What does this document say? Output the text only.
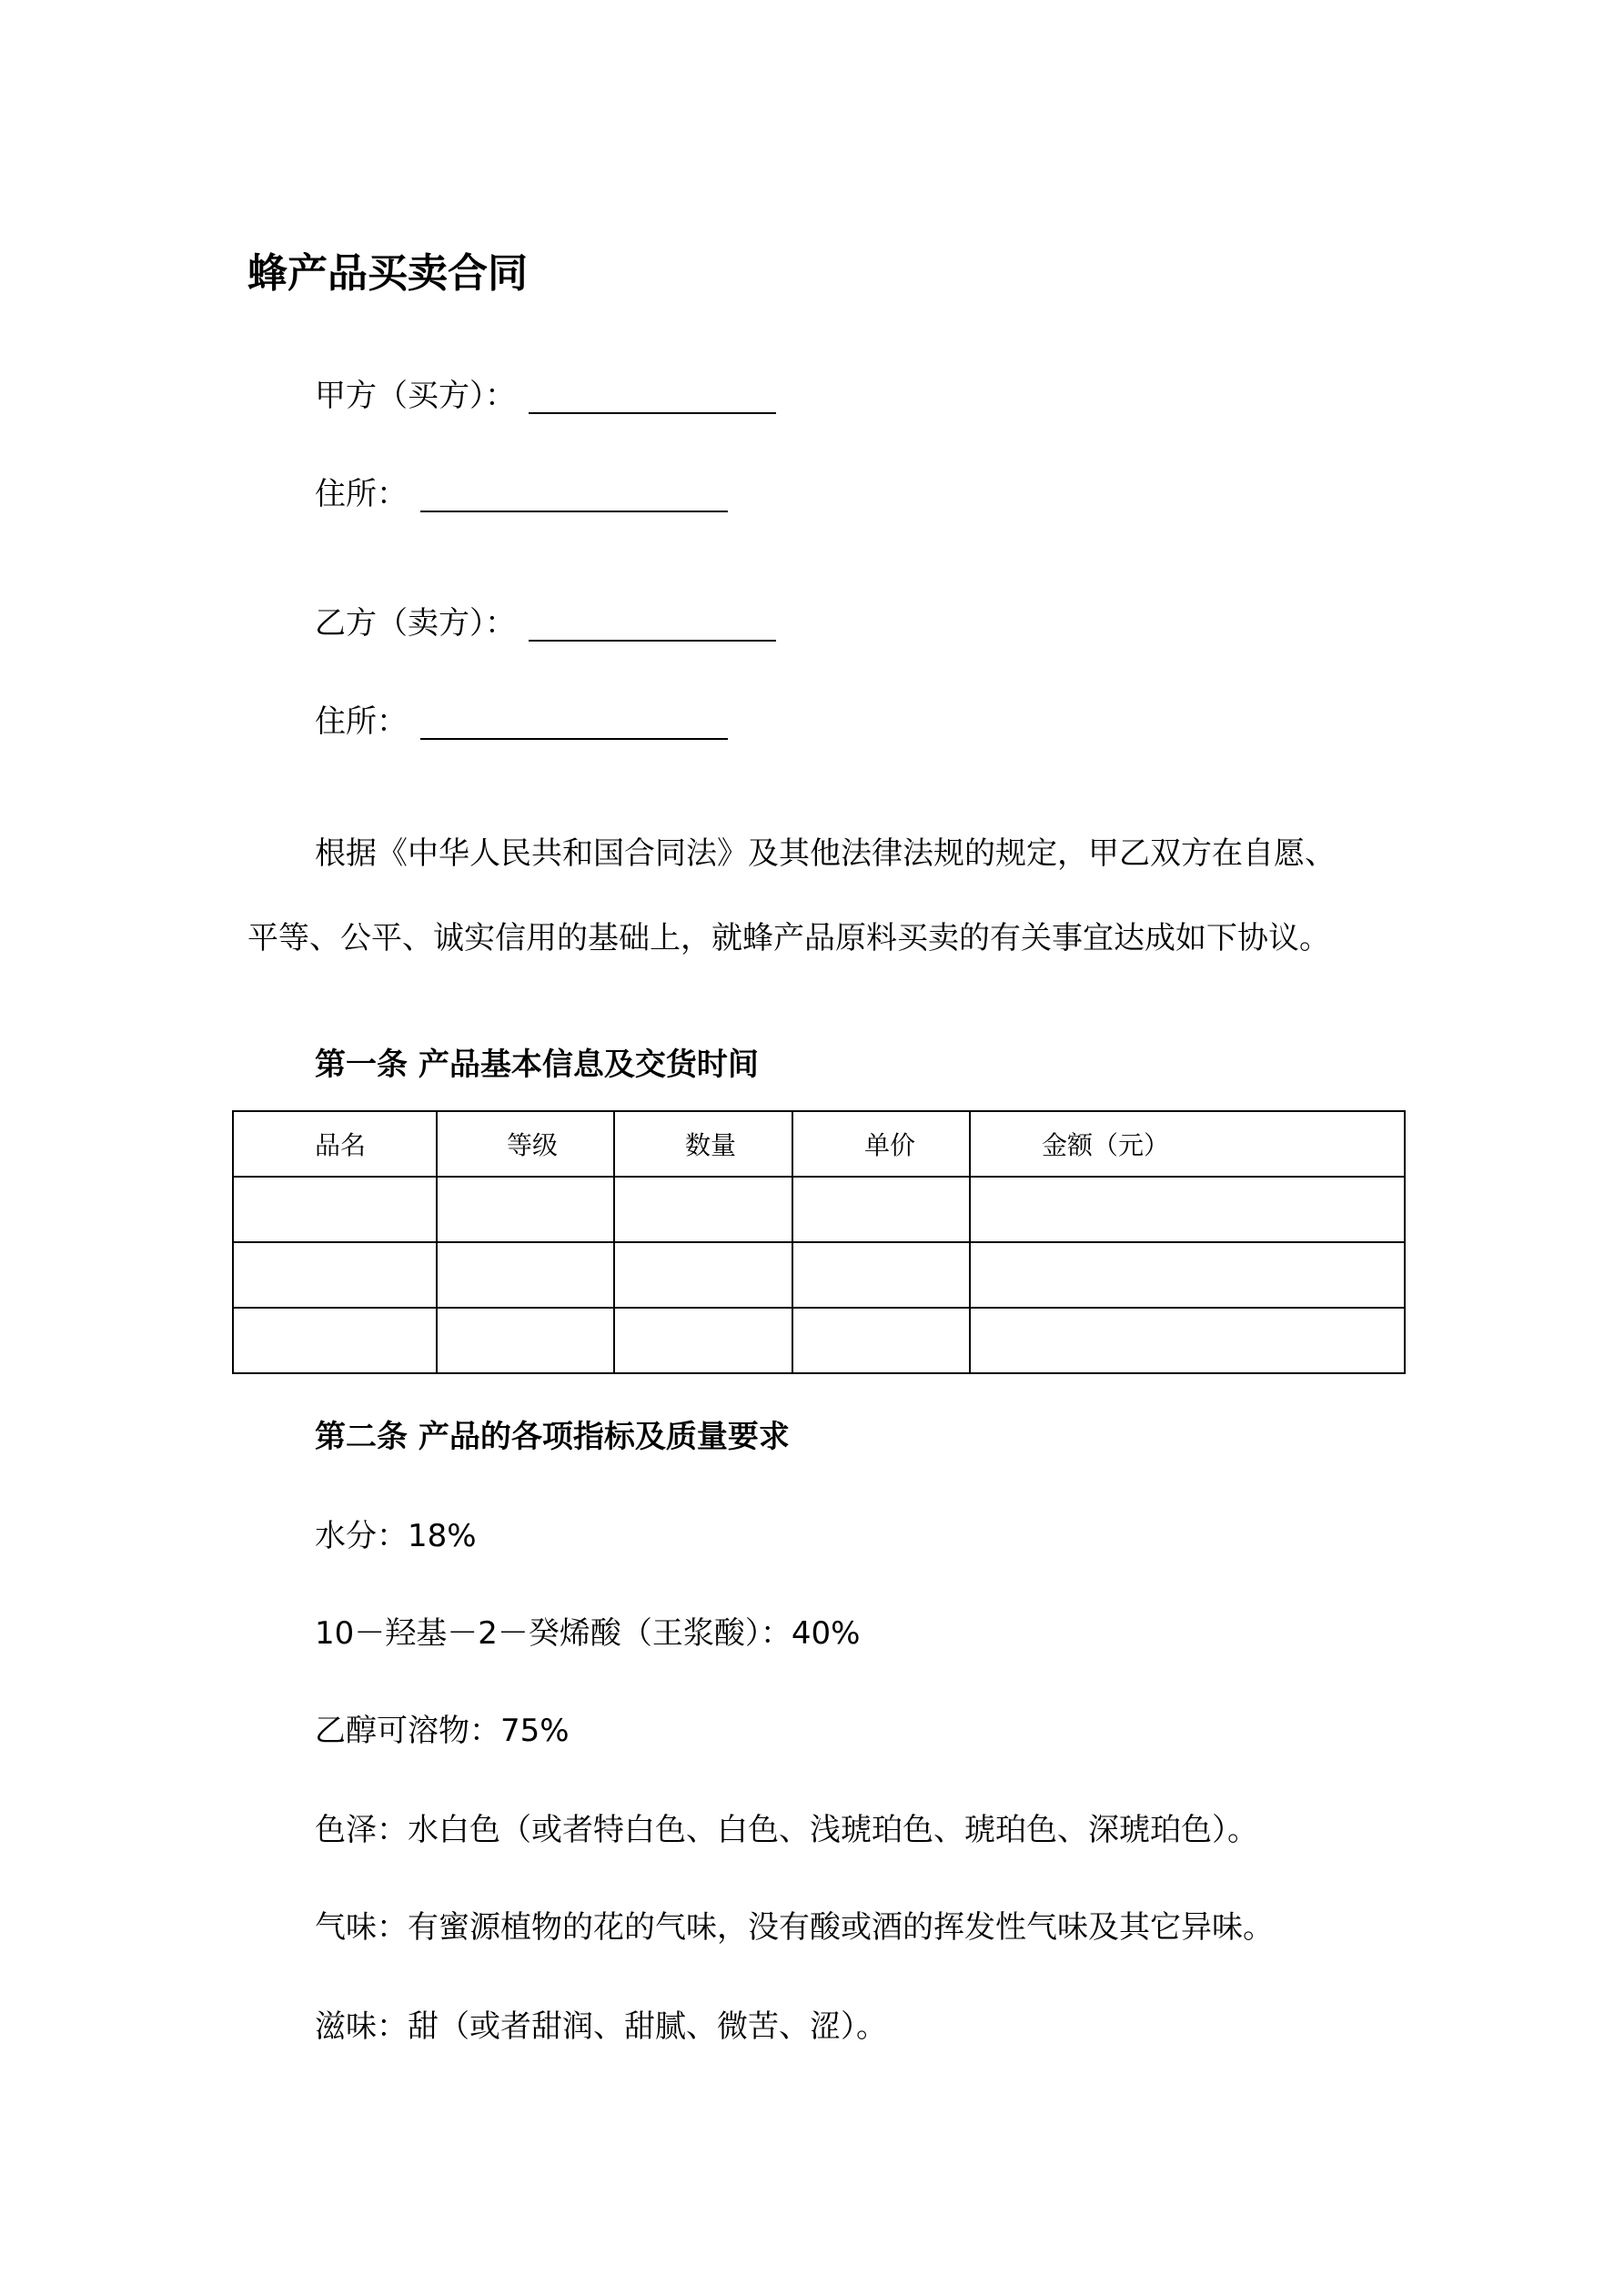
蜂产品买卖合同
甲方（买方）：
住所：
乙方（卖方）：
住所：
根据《中华人民共和国合同法》及其他法律法规的规定，甲乙双方在自愿、
平等、公平、诚实信用的基础上，就蜂产品原料买卖的有关事宜达成如下协议。
第一条 产品基本信息及交货时间
品名	等级	数量	单价	金额（元）

第二条 产品的各项指标及质量要求
水分：18%
10－羟基－2－癸烯酸（王浆酸）：40%
乙醇可溶物：75%
色泽：水白色（或者特白色、白色、浅琥珀色、琥珀色、深琥珀色）。
气味：有蜜源植物的花的气味，没有酸或酒的挥发性气味及其它异味。
滋味：甜（或者甜润、甜腻、微苦、涩）。
